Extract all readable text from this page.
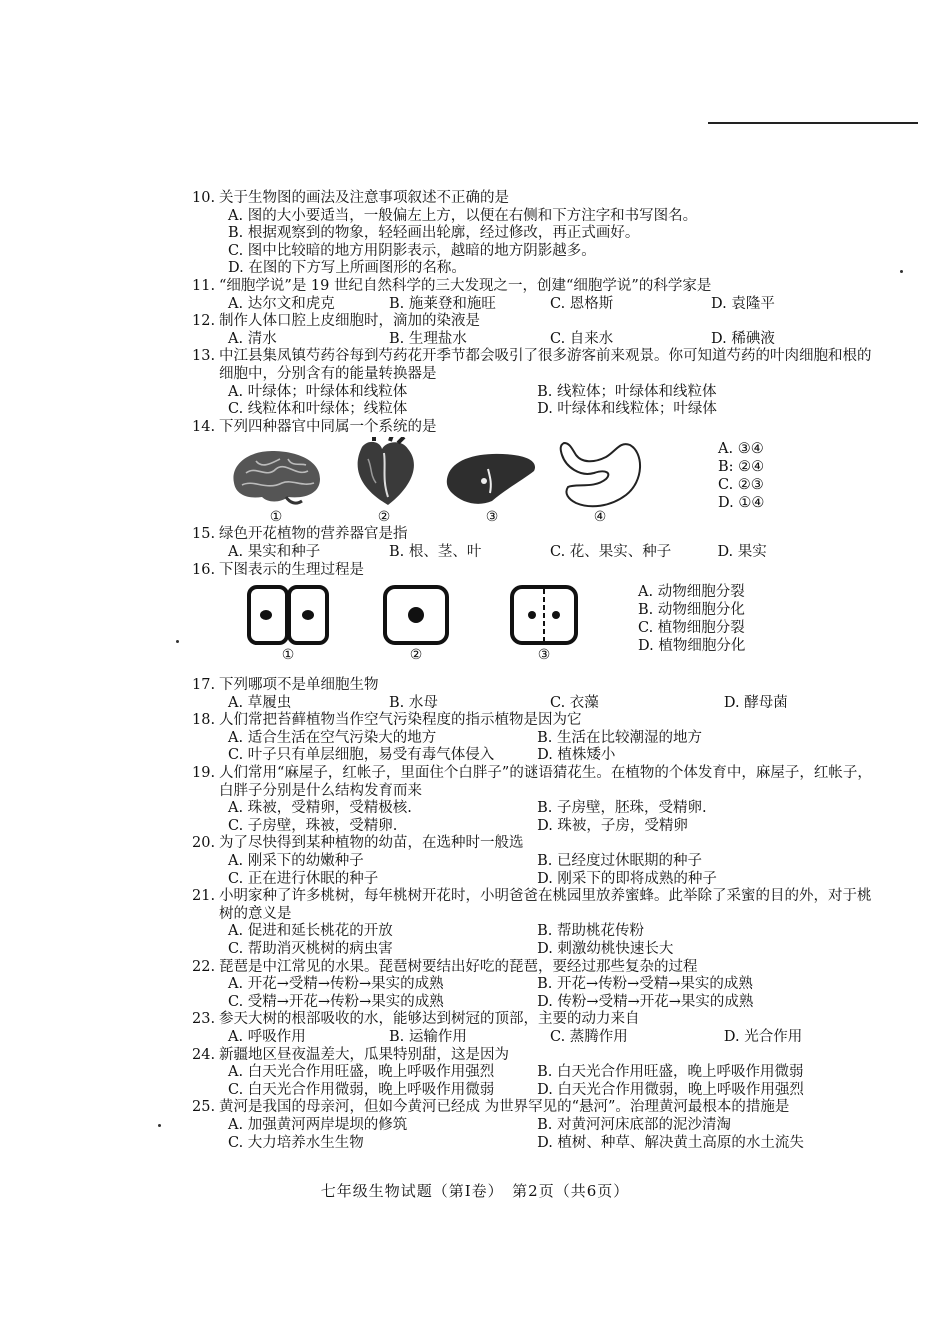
10. 关于生物图的画法及注意事项叙述不正确的是
A. 图的大小要适当，一般偏左上方，以便在右侧和下方注字和书写图名。
B. 根据观察到的物象，轻轻画出轮廓，经过修改，再正式画好。
C. 图中比较暗的地方用阴影表示，越暗的地方阴影越多。
D. 在图的下方写上所画图形的名称。
11. “细胞学说”是 19 世纪自然科学的三大发现之一，创建“细胞学说”的科学家是
A. 达尔文和虎克	B. 施莱登和施旺	C. 恩格斯	D. 袁隆平
12. 制作人体口腔上皮细胞时，滴加的染液是
A. 清水	B. 生理盐水	C. 自来水	D. 稀碘液
13. 中江县集凤镇芍药谷每到芍药花开季节都会吸引了很多游客前来观景。你可知道芍药的叶肉细胞和根的细胞中，分别含有的能量转换器是
A. 叶绿体；叶绿体和线粒体	B. 线粒体；叶绿体和线粒体
C. 线粒体和叶绿体；线粒体	D. 叶绿体和线粒体；叶绿体
14. 下列四种器官中同属一个系统的是
①	②	③	④
A. ③④
B: ②④
C. ②③
D. ①④
15. 绿色开花植物的营养器官是指
A. 果实和种子	B. 根、茎、叶	C. 花、果实、种子	D. 果实
16. 下图表示的生理过程是
①	②	③
A. 动物细胞分裂
B. 动物细胞分化
C. 植物细胞分裂
D. 植物细胞分化
17. 下列哪项不是单细胞生物
A. 草履虫	B. 水母	C. 衣藻	D. 酵母菌
18. 人们常把苔藓植物当作空气污染程度的指示植物是因为它
A. 适合生活在空气污染大的地方	B. 生活在比较潮湿的地方
C. 叶子只有单层细胞，易受有毒气体侵入	D. 植株矮小
19. 人们常用“麻屋子，红帐子，里面住个白胖子”的谜语猜花生。在植物的个体发育中，麻屋子，红帐子，白胖子分别是什么结构发育而来
A. 珠被，受精卵，受精极核.	B. 子房壁，胚珠，受精卵.
C. 子房壁，珠被，受精卵.	D. 珠被，子房，受精卵
20. 为了尽快得到某种植物的幼苗，在选种时一般选
A. 刚采下的幼嫩种子	B. 已经度过休眠期的种子
C. 正在进行休眠的种子	D. 刚采下的即将成熟的种子
21. 小明家种了许多桃树，每年桃树开花时，小明爸爸在桃园里放养蜜蜂。此举除了采蜜的目的外，对于桃树的意义是
A. 促进和延长桃花的开放	B. 帮助桃花传粉
C. 帮助消灭桃树的病虫害	D. 刺激幼桃快速长大
22. 琵琶是中江常见的水果。琵琶树要结出好吃的琵琶，要经过那些复杂的过程
A. 开花→受精→传粉→果实的成熟	B. 开花→传粉→受精→果实的成熟
C. 受精→开花→传粉→果实的成熟	D. 传粉→受精→开花→果实的成熟
23. 参天大树的根部吸收的水，能够达到树冠的顶部，主要的动力来自
A. 呼吸作用	B. 运输作用	C. 蒸腾作用	D. 光合作用
24. 新疆地区昼夜温差大，瓜果特别甜，这是因为
A. 白天光合作用旺盛，晚上呼吸作用强烈	B. 白天光合作用旺盛，晚上呼吸作用微弱
C. 白天光合作用微弱，晚上呼吸作用微弱	D. 白天光合作用微弱，晚上呼吸作用强烈
25. 黄河是我国的母亲河，但如今黄河已经成 为世界罕见的“悬河”。治理黄河最根本的措施是
A. 加强黄河两岸堤坝的修筑	B. 对黄河河床底部的泥沙清淘
C. 大力培养水生生物	D. 植树、种草、解决黄土高原的水土流失
七年级生物试题（第Ⅰ卷）　第2页（共6页）
